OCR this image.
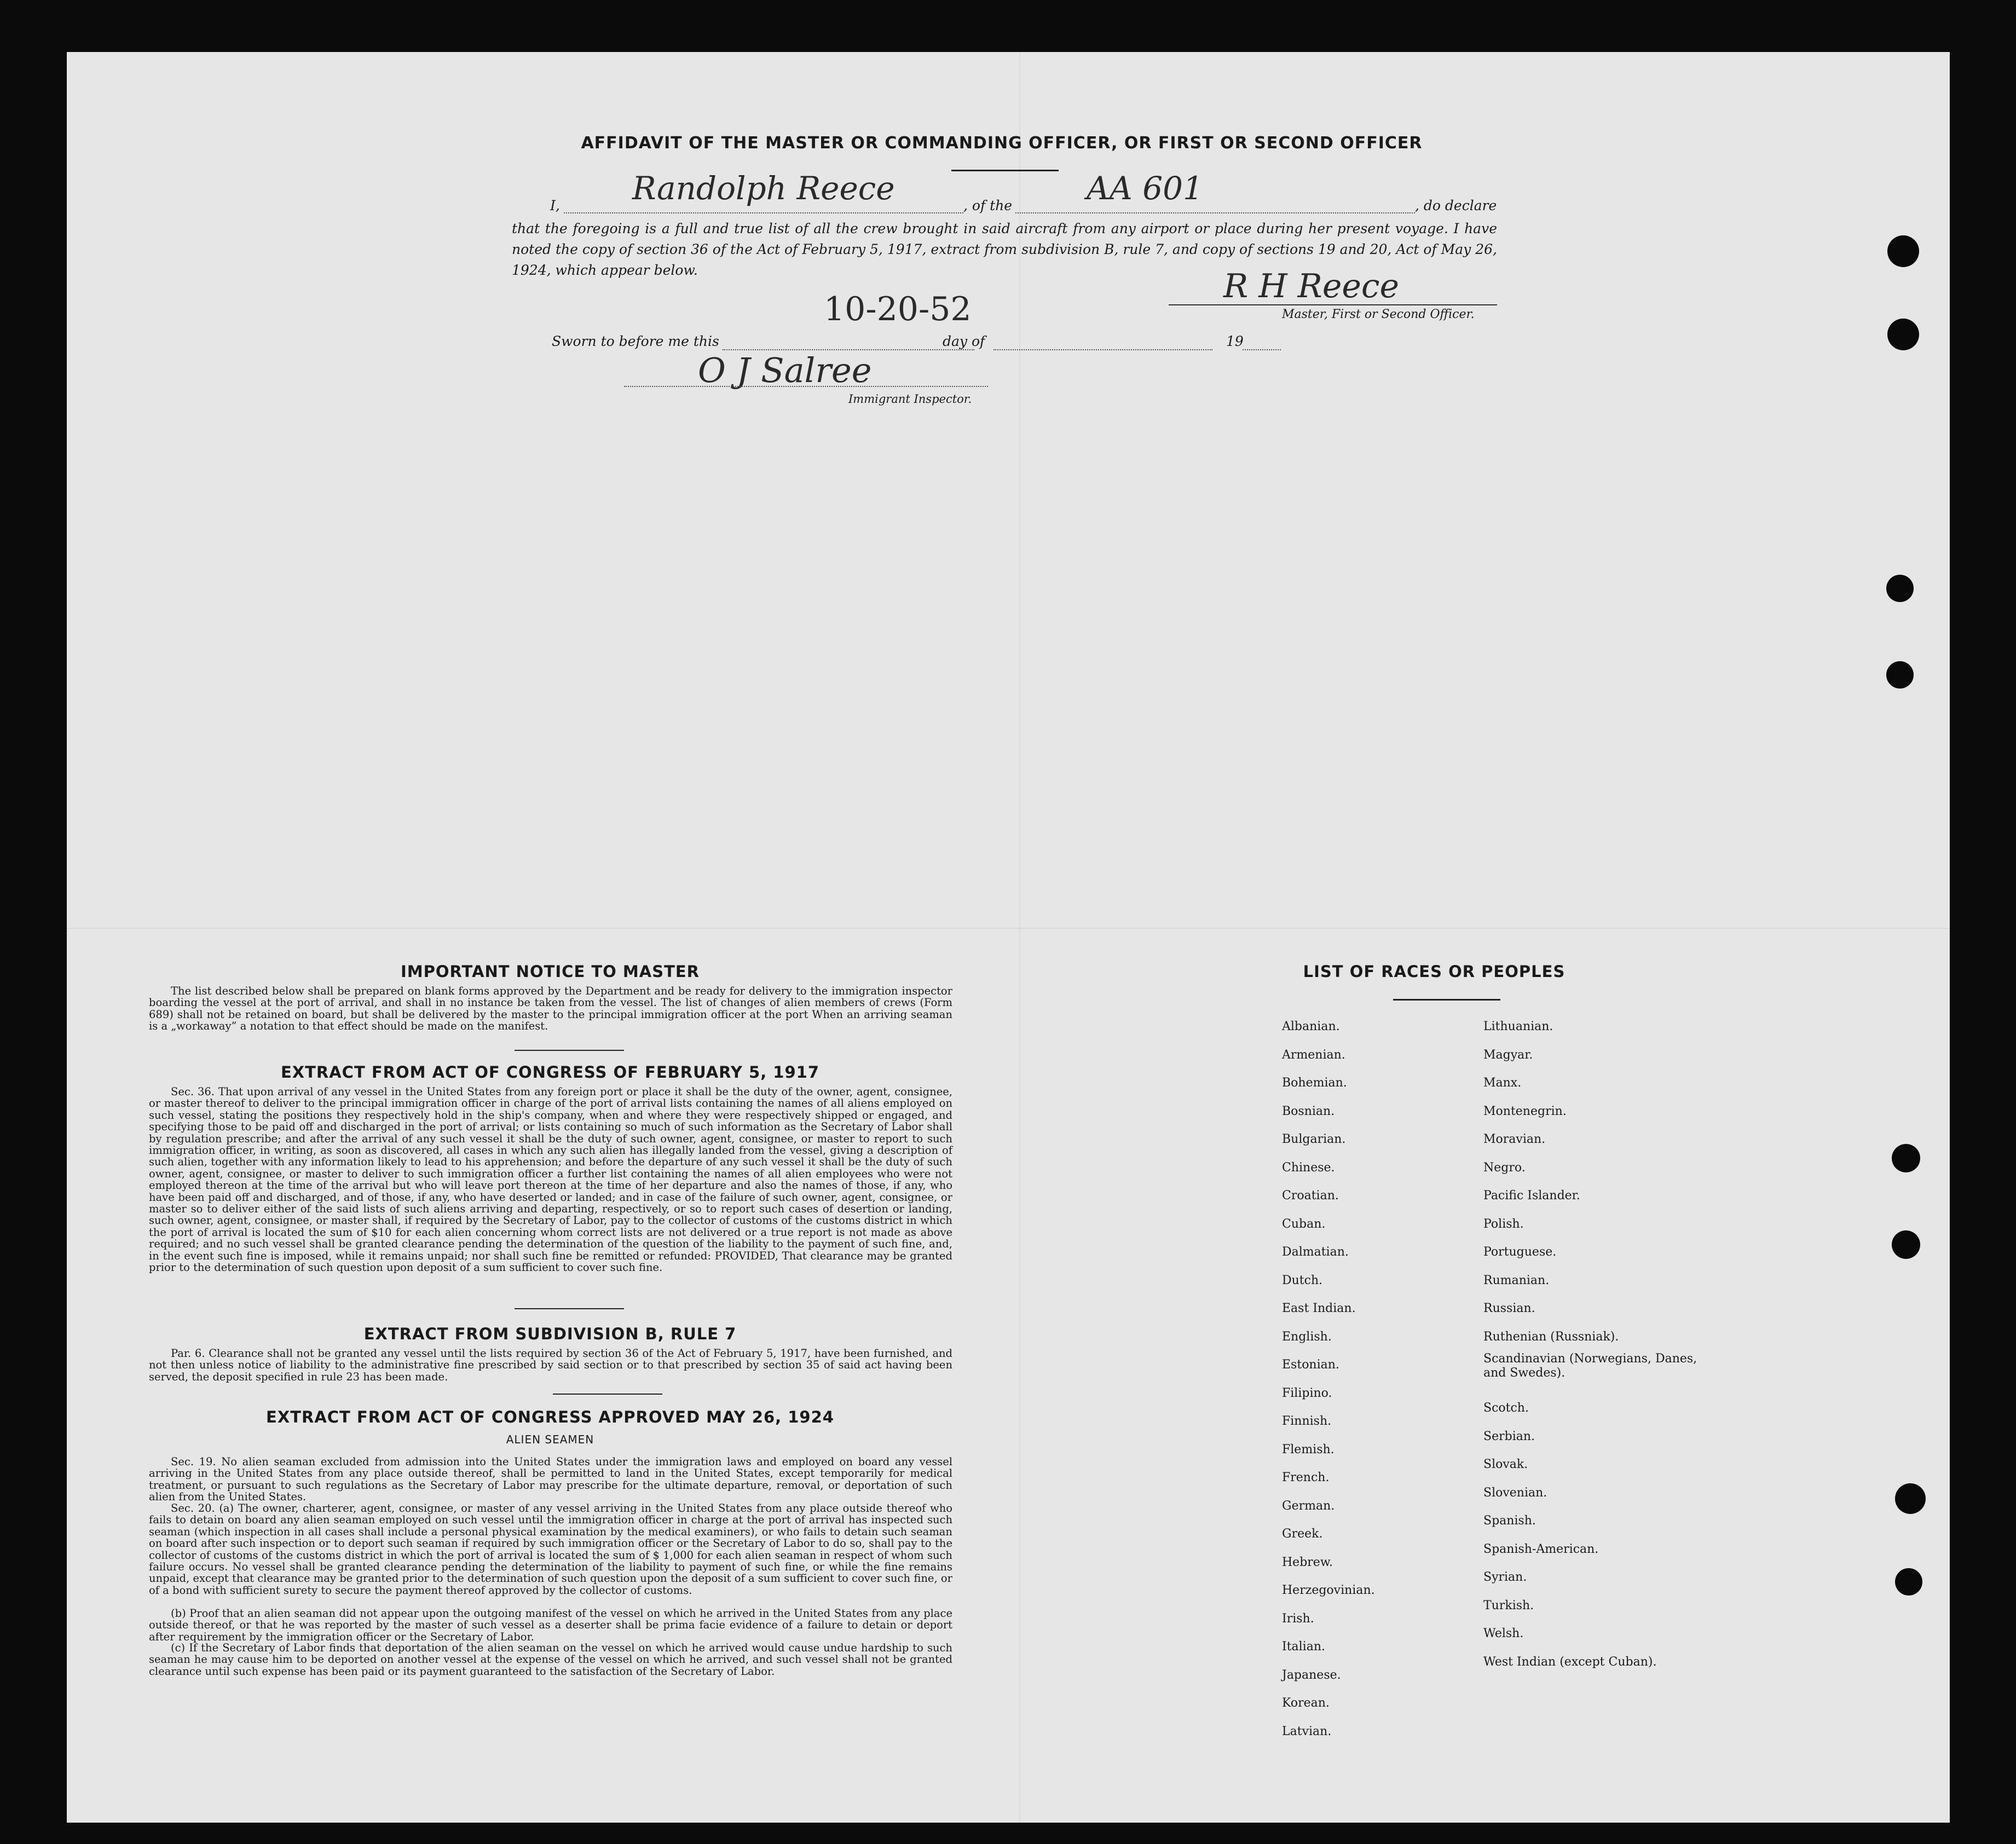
AFFIDAVIT OF THE MASTER OR COMMANDING OFFICER, OR FIRST OR SECOND OFFICER
I, Randolph Reece	, of the AA 601	, do declare
that the foregoing is a full and true list of all the crew brought in said aircraft from any airport or place during her present voyage. I have noted the copy of section 36 of the Act of February 5, 1917, extract from subdivision B, rule 7, and copy of sections 19 and 20, Act of May 26, 1924, which appear below.
10-20-52
R H Reece
Master, First or Second Officer.
Sworn to before me this	day of	19
O J Salree
Immigrant Inspector.
IMPORTANT NOTICE TO MASTER
The list described below shall be prepared on blank forms approved by the Department and be ready for delivery to the immigration inspector boarding the vessel at the port of arrival, and shall in no instance be taken from the vessel. The list of changes of alien members of crews (Form 689) shall not be retained on board, but shall be delivered by the master to the principal immigration officer at the port When an arriving seaman is a „workaway” a notation to that effect should be made on the manifest.
EXTRACT FROM ACT OF CONGRESS OF FEBRUARY 5, 1917
Sec. 36. That upon arrival of any vessel in the United States from any foreign port or place it shall be the duty of the owner, agent, consignee, or master thereof to deliver to the principal immigration officer in charge of the port of arrival lists containing the names of all aliens employed on such vessel, stating the positions they respectively hold in the ship's company, when and where they were respectively shipped or engaged, and specifying those to be paid off and discharged in the port of arrival; or lists containing so much of such information as the Secretary of Labor shall by regulation prescribe; and after the arrival of any such vessel it shall be the duty of such owner, agent, consignee, or master to report to such immigration officer, in writing, as soon as discovered, all cases in which any such alien has illegally landed from the vessel, giving a description of such alien, together with any information likely to lead to his apprehension; and before the departure of any such vessel it shall be the duty of such owner, agent, consignee, or master to deliver to such immigration officer a further list containing the names of all alien employees who were not employed thereon at the time of the arrival but who will leave port thereon at the time of her departure and also the names of those, if any, who have been paid off and discharged, and of those, if any, who have deserted or landed; and in case of the failure of such owner, agent, consignee, or master so to deliver either of the said lists of such aliens arriving and departing, respectively, or so to report such cases of desertion or landing, such owner, agent, consignee, or master shall, if required by the Secretary of Labor, pay to the collector of customs of the customs district in which the port of arrival is located the sum of $10 for each alien concerning whom correct lists are not delivered or a true report is not made as above required; and no such vessel shall be granted clearance pending the determination of the question of the liability to the payment of such fine, and, in the event such fine is imposed, while it remains unpaid; nor shall such fine be remitted or refunded: PROVIDED, That clearance may be granted prior to the determination of such question upon deposit of a sum sufficient to cover such fine.
EXTRACT FROM SUBDIVISION B, RULE 7
Par. 6. Clearance shall not be granted any vessel until the lists required by section 36 of the Act of February 5, 1917, have been furnished, and not then unless notice of liability to the administrative fine prescribed by said section or to that prescribed by section 35 of said act having been served, the deposit specified in rule 23 has been made.
EXTRACT FROM ACT OF CONGRESS APPROVED MAY 26, 1924
ALIEN SEAMEN
Sec. 19. No alien seaman excluded from admission into the United States under the immigration laws and employed on board any vessel arriving in the United States from any place outside thereof, shall be permitted to land in the United States, except temporarily for medical treatment, or pursuant to such regulations as the Secretary of Labor may prescribe for the ultimate departure, removal, or deportation of such alien from the United States.
Sec. 20. (a) The owner, charterer, agent, consignee, or master of any vessel arriving in the United States from any place outside thereof who fails to detain on board any alien seaman employed on such vessel until the immigration officer in charge at the port of arrival has inspected such seaman (which inspection in all cases shall include a personal physical examination by the medical examiners), or who fails to detain such seaman on board after such inspection or to deport such seaman if required by such immigration officer or the Secretary of Labor to do so, shall pay to the collector of customs of the customs district in which the port of arrival is located the sum of $ 1,000 for each alien seaman in respect of whom such failure occurs. No vessel shall be granted clearance pending the determination of the liability to payment of such fine, or while the fine remains unpaid, except that clearance may be granted prior to the determination of such question upon the deposit of a sum sufficient to cover such fine, or of a bond with sufficient surety to secure the payment thereof approved by the collector of customs.
(b) Proof that an alien seaman did not appear upon the outgoing manifest of the vessel on which he arrived in the United States from any place outside thereof, or that he was reported by the master of such vessel as a deserter shall be prima facie evidence of a failure to detain or deport after requirement by the immigration officer or the Secretary of Labor.
(c) If the Secretary of Labor finds that deportation of the alien seaman on the vessel on which he arrived would cause undue hardship to such seaman he may cause him to be deported on another vessel at the expense of the vessel on which he arrived, and such vessel shall not be granted clearance until such expense has been paid or its payment guaranteed to the satisfaction of the Secretary of Labor.
LIST OF RACES OR PEOPLES
Albanian.
Armenian.
Bohemian.
Bosnian.
Bulgarian.
Chinese.
Croatian.
Cuban.
Dalmatian.
Dutch.
East Indian.
English.
Estonian.
Filipino.
Finnish.
Flemish.
French.
German.
Greek.
Hebrew.
Herzegovinian.
Irish.
Italian.
Japanese.
Korean.
Latvian.
Lithuanian.
Magyar.
Manx.
Montenegrin.
Moravian.
Negro.
Pacific Islander.
Polish.
Portuguese.
Rumanian.
Russian.
Ruthenian (Russniak).
Scandinavian (Norwegians, Danes, and Swedes).
Scotch.
Serbian.
Slovak.
Slovenian.
Spanish.
Spanish-American.
Syrian.
Turkish.
Welsh.
West Indian (except Cuban).
